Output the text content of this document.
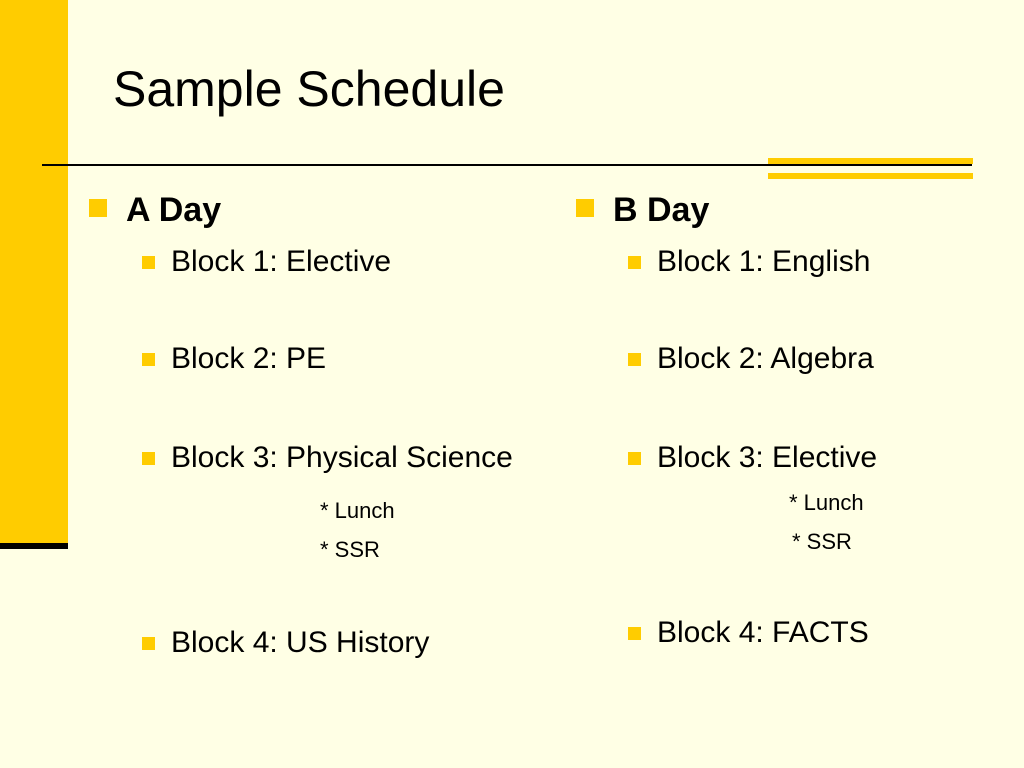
Sample Schedule
A Day
Block 1: Elective
Block 2: PE
Block 3: Physical Science
* Lunch
* SSR
Block 4: US History
B Day
Block 1: English
Block 2: Algebra
Block 3: Elective
* Lunch
* SSR
Block 4: FACTS
